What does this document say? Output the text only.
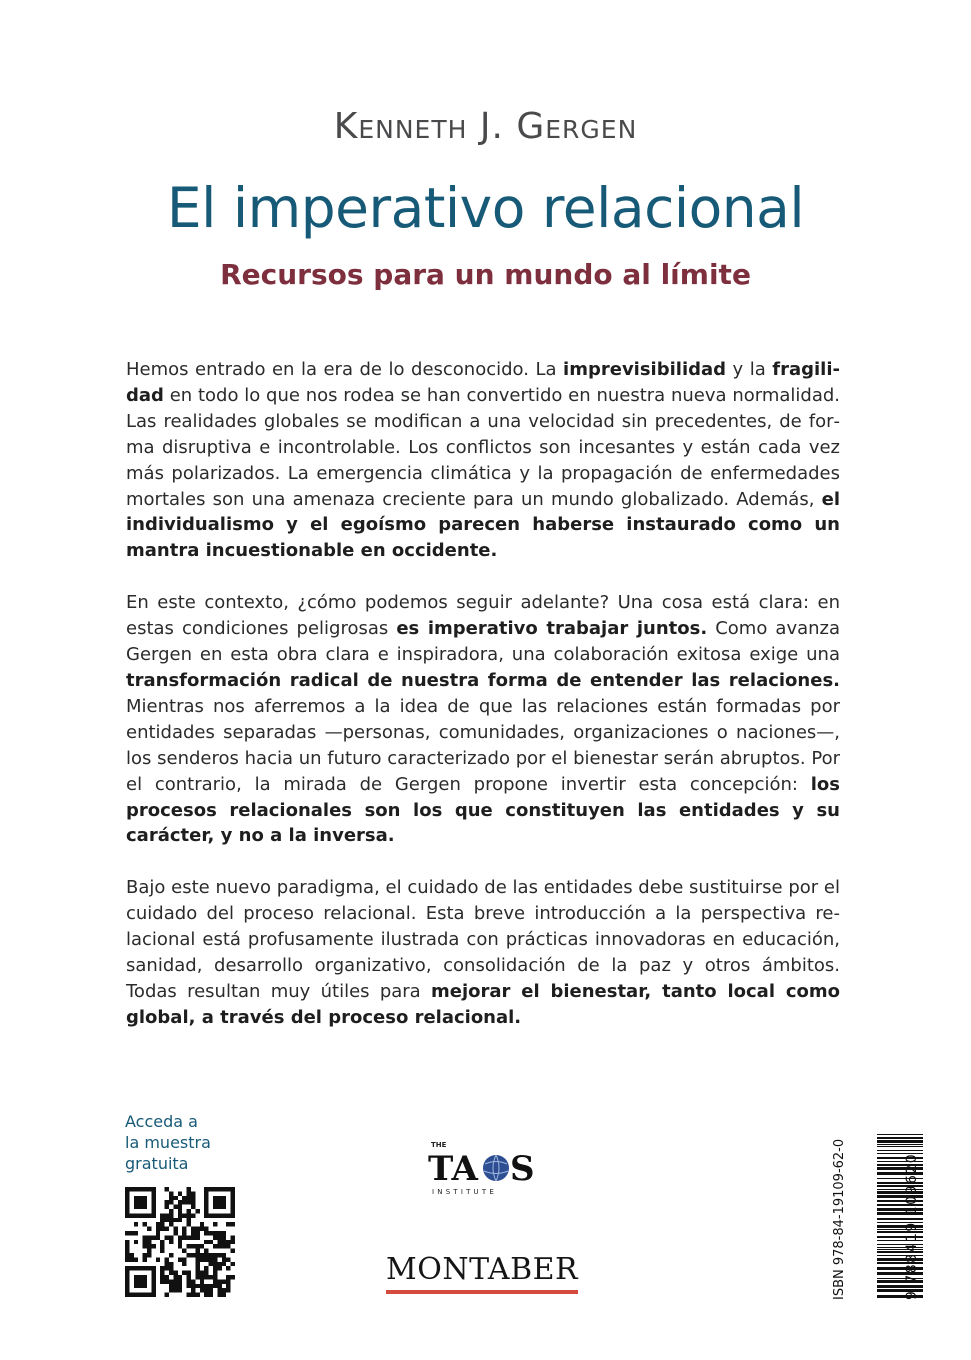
Kenneth J. Gergen
El imperativo relacional
Recursos para un mundo al límite

Hemos entrado en la era de lo desconocido. La imprevisibilidad y la fragilidad en todo lo que nos rodea se han convertido en nuestra nueva normalidad. Las realidades globales se modifican a una velocidad sin precedentes, de forma disruptiva e incontrolable. Los conflictos son incesantes y están cada vez más polarizados. La emergencia climática y la propagación de enfermedades mortales son una amenaza creciente para un mundo globalizado. Además, el individualismo y el egoísmo parecen haberse instaurado como un mantra incuestionable en occidente.

En este contexto, ¿cómo podemos seguir adelante? Una cosa está clara: en estas condiciones peligrosas es imperativo trabajar juntos. Como avanza Gergen en esta obra clara e inspiradora, una colaboración exitosa exige una transformación radical de nuestra forma de entender las relaciones. Mientras nos aferremos a la idea de que las relaciones están formadas por entidades separadas —personas, comunidades, organizaciones o naciones—, los senderos hacia un futuro caracterizado por el bienestar serán abruptos. Por el contrario, la mirada de Gergen propone invertir esta concepción: los procesos relacionales son los que constituyen las entidades y su carácter, y no a la inversa.

Bajo este nuevo paradigma, el cuidado de las entidades debe sustituirse por el cuidado del proceso relacional. Esta breve introducción a la perspectiva relacional está profusamente ilustrada con prácticas innovadoras en educación, sanidad, desarrollo organizativo, consolidación de la paz y otros ámbitos. Todas resultan muy útiles para mejorar el bienestar, tanto local como global, a través del proceso relacional.

Acceda a
la muestra
gratuita
THE
TA S
INSTITUTE
MONTABER	ISBN 978-84-19109-62-0	9 788419 109620
